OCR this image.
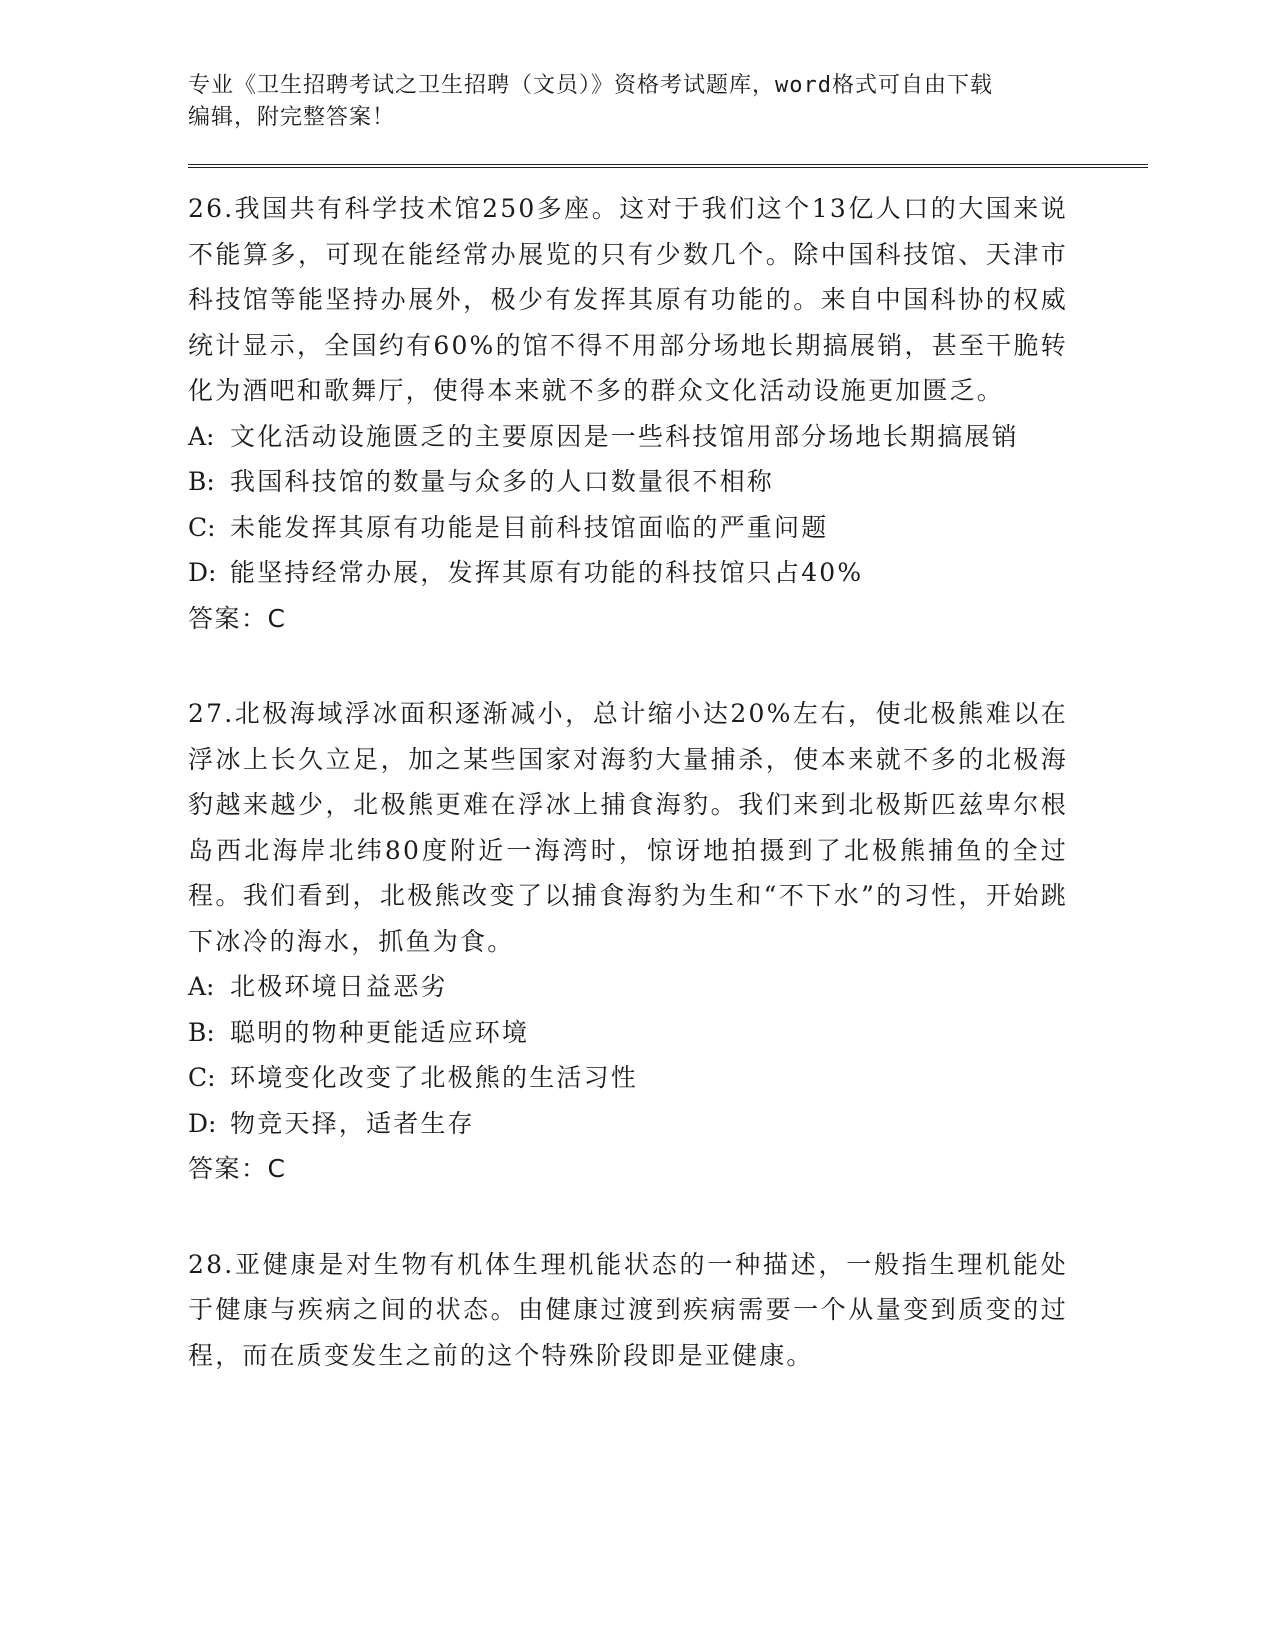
专业《卫生招聘考试之卫生招聘（文员）》资格考试题库，word格式可自由下载
编辑，附完整答案！
26.我国共有科学技术馆250多座。这对于我们这个13亿人口的大国来说不能算多，可现在能经常办展览的只有少数几个。除中国科技馆、天津市科技馆等能坚持办展外，极少有发挥其原有功能的。来自中国科协的权威统计显示，全国约有60%的馆不得不用部分场地长期搞展销，甚至干脆转化为酒吧和歌舞厅，使得本来就不多的群众文化活动设施更加匮乏。
A: 文化活动设施匮乏的主要原因是一些科技馆用部分场地长期搞展销
B: 我国科技馆的数量与众多的人口数量很不相称
C: 未能发挥其原有功能是目前科技馆面临的严重问题
D: 能坚持经常办展，发挥其原有功能的科技馆只占40%
答案：C
27.北极海域浮冰面积逐渐减小，总计缩小达20%左右，使北极熊难以在浮冰上长久立足，加之某些国家对海豹大量捕杀，使本来就不多的北极海豹越来越少，北极熊更难在浮冰上捕食海豹。我们来到北极斯匹兹卑尔根岛西北海岸北纬80度附近一海湾时，惊讶地拍摄到了北极熊捕鱼的全过程。我们看到，北极熊改变了以捕食海豹为生和“不下水”的习性，开始跳下冰冷的海水，抓鱼为食。
A: 北极环境日益恶劣
B: 聪明的物种更能适应环境
C: 环境变化改变了北极熊的生活习性
D: 物竞天择，适者生存
答案：C
28.亚健康是对生物有机体生理机能状态的一种描述，一般指生理机能处于健康与疾病之间的状态。由健康过渡到疾病需要一个从量变到质变的过程，而在质变发生之前的这个特殊阶段即是亚健康。
